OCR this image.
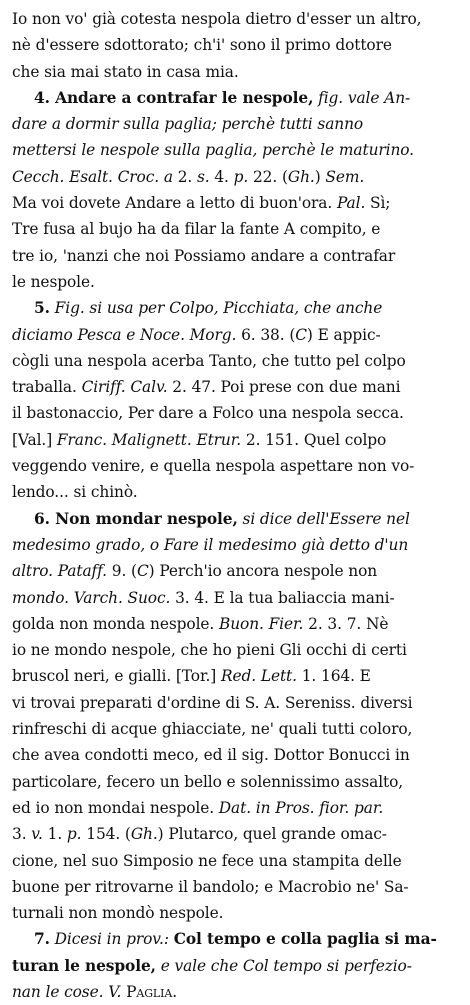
Io non vo' già cotesta nespola dietro d'esser un altro,
nè d'essere sdottorato; ch'i' sono il primo dottore
che sia mai stato in casa mia.
4. Andare a contrafar le nespole, fig. vale An-
dare a dormir sulla paglia; perchè tutti sanno
mettersi le nespole sulla paglia, perchè le maturino.
Cecch. Esalt. Croc. a 2. s. 4. p. 22. (Gh.) Sem.
Ma voi dovete Andare a letto di buon'ora. Pal. Sì;
Tre fusa al bujo ha da filar la fante A compito, e
tre io, 'nanzi che noi Possiamo andare a contrafar
le nespole.
5. Fig. si usa per Colpo, Picchiata, che anche
diciamo Pesca e Noce. Morg. 6. 38. (C) E appic-
cògli una nespola acerba Tanto, che tutto pel colpo
traballa. Ciriff. Calv. 2. 47. Poi prese con due mani
il bastonaccio, Per dare a Folco una nespola secca.
[Val.] Franc. Malignett. Etrur. 2. 151. Quel colpo
veggendo venire, e quella nespola aspettare non vo-
lendo... si chinò.
6. Non mondar nespole, si dice dell'Essere nel
medesimo grado, o Fare il medesimo già detto d'un
altro. Pataff. 9. (C) Perch'io ancora nespole non
mondo. Varch. Suoc. 3. 4. E la tua baliaccia mani-
golda non monda nespole. Buon. Fier. 2. 3. 7. Nè
io ne mondo nespole, che ho pieni Gli occhi di certi
bruscol neri, e gialli. [Tor.] Red. Lett. 1. 164. E
vi trovai preparati d'ordine di S. A. Sereniss. diversi
rinfreschi di acque ghiacciate, ne' quali tutti coloro,
che avea condotti meco, ed il sig. Dottor Bonucci in
particolare, fecero un bello e solennissimo assalto,
ed io non mondai nespole. Dat. in Pros. fior. par.
3. v. 1. p. 154. (Gh.) Plutarco, quel grande omac-
cione, nel suo Simposio ne fece una stampita delle
buone per ritrovarne il bandolo; e Macrobio ne' Sa-
turnali non mondò nespole.
7. Dicesi in prov.: Col tempo e colla paglia si ma-
turan le nespole, e vale che Col tempo si perfezio-
nan le cose. V. Paglia.
